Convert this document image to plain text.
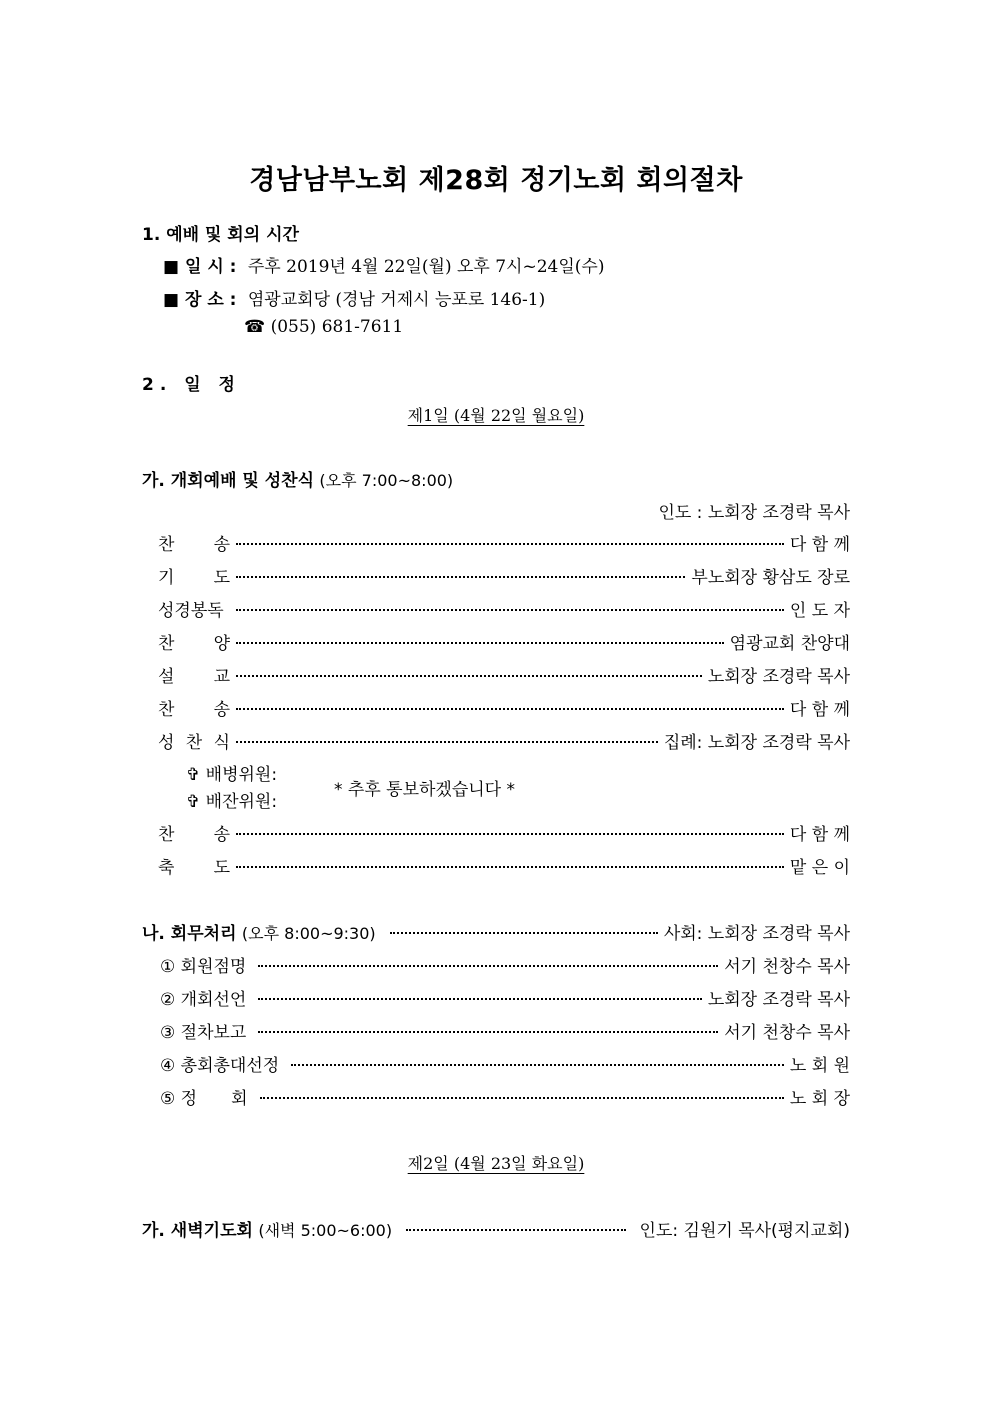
경남남부노회 제28회 정기노회 회의절차
1. 예배 및 회의 시간
■ 일 시 : 주후 2019년 4월 22일(월) 오후 7시~24일(수)
■ 장 소 : 염광교회당 (경남 거제시 능포로 146-1)
☎ (055) 681-7611
2. 일 정
제1일 (4월 22일 월요일)
가. 개회예배 및 성찬식 (오후 7:00~8:00)
인도 : 노회장 조경락 목사
찬 송	다 함 께
기 도	부노회장 황삼도 장로
성경봉독	인 도 자
찬 양	염광교회 찬양대
설 교	노회장 조경락 목사
찬 송	다 함 께
성 찬 식	집례: 노회장 조경락 목사
✞ 배병위원:
✞ 배잔위원:
* 추후 통보하겠습니다 *
찬 송	다 함 께
축 도	맡 은 이
나. 회무처리 (오후 8:00~9:30)	사회: 노회장 조경락 목사
① 회원점명	서기 천창수 목사
② 개회선언	노회장 조경락 목사
③ 절차보고	서기 천창수 목사
④ 총회총대선정	노 회 원
⑤ 정　　회	노 회 장
제2일 (4월 23일 화요일)
가. 새벽기도회 (새벽 5:00~6:00)	인도: 김원기 목사(평지교회)
